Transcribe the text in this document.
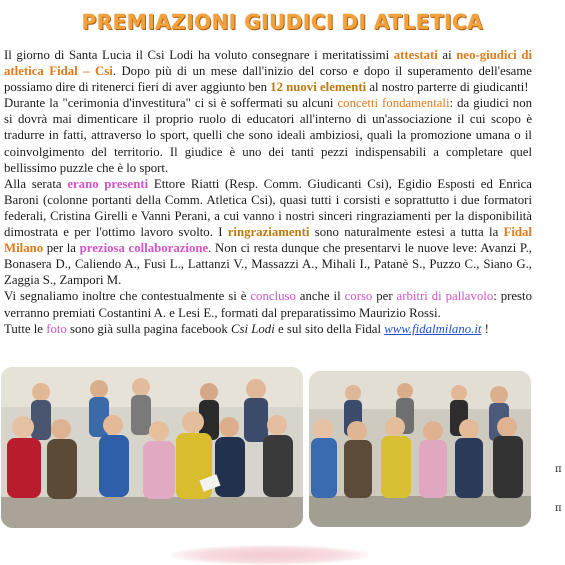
PREMIAZIONI GIUDICI DI ATLETICA

Il giorno di Santa Lucia il Csi Lodi ha voluto consegnare i meritatissimi attestati ai neo-giudici di atletica Fidal – Csi. Dopo più di un mese dall'inizio del corso e dopo il superamento dell'esame possiamo dire di ritenerci fieri di aver aggiunto ben 12 nuovi elementi al nostro parterre di giudicanti!

Durante la "cerimonia d'investitura" ci si è soffermati su alcuni concetti fondamentali: da giudici non si dovrà mai dimenticare il proprio ruolo di educatori all'interno di un'associazione il cui scopo è tradurre in fatti, attraverso lo sport, quelli che sono ideali ambiziosi, quali la promozione umana o il coinvolgimento del territorio. Il giudice è uno dei tanti pezzi indispensabili a completare quel bellissimo puzzle che è lo sport.

Alla serata erano presenti Ettore Riatti (Resp. Comm. Giudicanti Csi), Egidio Esposti ed Enrica Baroni (colonne portanti della Comm. Atletica Csi), quasi tutti i corsisti e soprattutto i due formatori federali, Cristina Girelli e Vanni Perani, a cui vanno i nostri sinceri ringraziamenti per la disponibilità dimostrata e per l'ottimo lavoro svolto. I ringraziamenti sono naturalmente estesi a tutta la Fidal Milano per la preziosa collaborazione. Non ci resta dunque che presentarvi le nuove leve: Avanzi P., Bonasera D., Caliendo A., Fusi L., Lattanzi V., Massazzi A., Mihali I., Patanè S., Puzzo C., Siano G., Zaggia S., Zampori M.

Vi segnaliamo inoltre che contestualmente si è concluso anche il corso per arbitri di pallavolo: presto verranno premiati Costantini A. e Lesi E., formati dal preparatissimo Maurizio Rossi.

Tutte le foto sono già sulla pagina facebook Csi Lodi e sul sito della Fidal www.fidalmilano.it !

π
π
